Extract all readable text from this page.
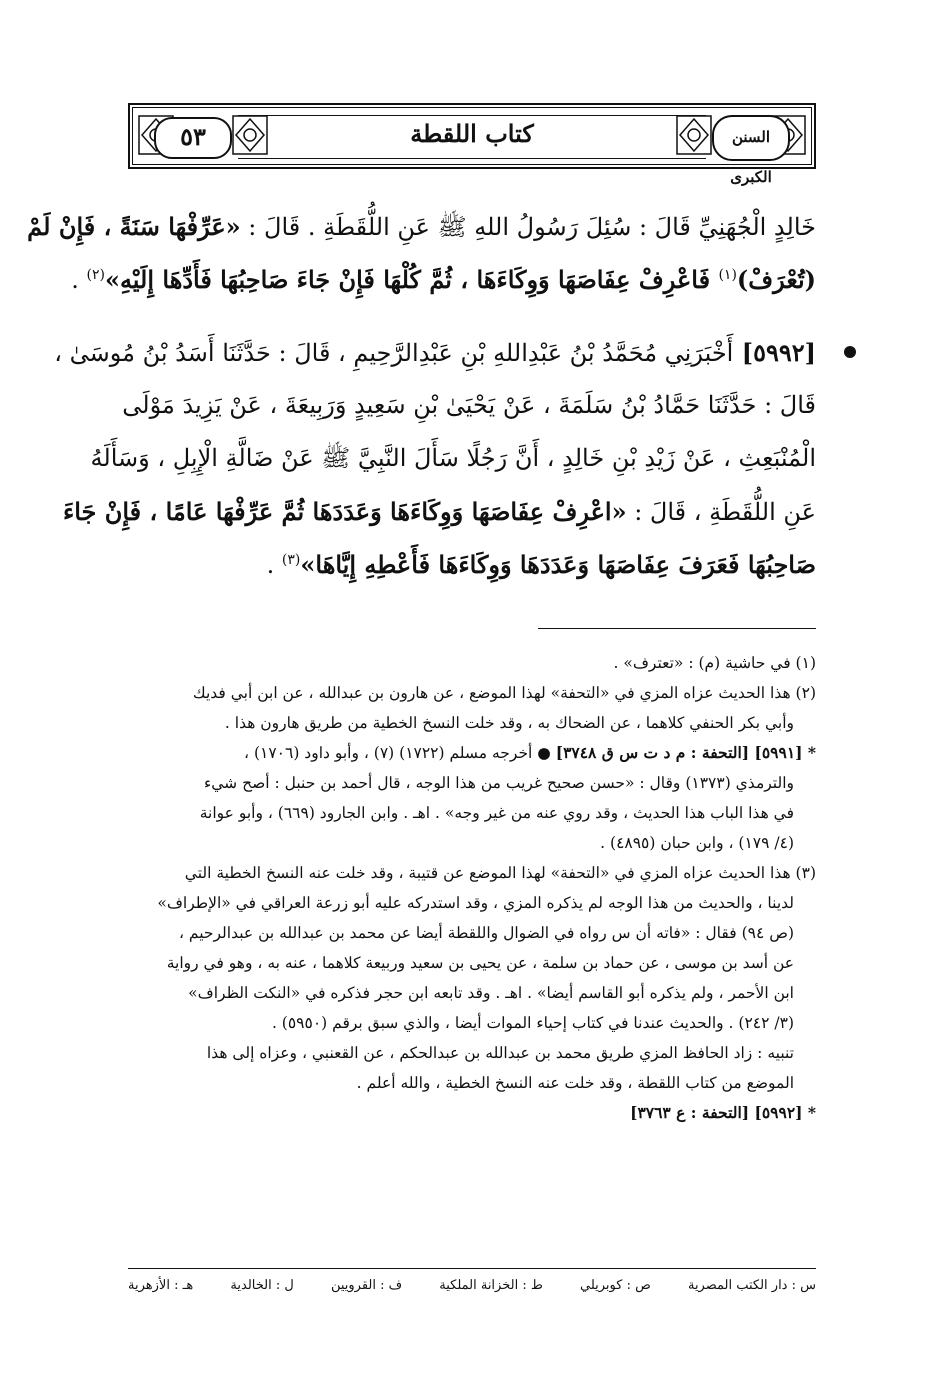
٥٣	كتاب اللقطة	السنن الكبرى
خَالِدٍ الْجُهَنِيِّ قَالَ : سُئِلَ رَسُولُ اللهِ ﷺ عَنِ اللُّقَطَةِ . قَالَ : «عَرِّفْهَا سَنَةً ، فَإِنْ لَمْ
(تُعْرَفْ)$^{(١)}$ فَاعْرِفْ عِفَاصَهَا وَوِكَاءَهَا ، ثُمَّ كُلْهَا فَإِنْ جَاءَ صَاحِبُهَا فَأَدِّهَا إِلَيْهِ»$^{(٢)}$ .
[٥٩٩٢] أَخْبَرَنِي مُحَمَّدُ بْنُ عَبْدِاللهِ بْنِ عَبْدِالرَّحِيمِ ، قَالَ : حَدَّثَنَا أَسَدُ بْنُ مُوسَىٰ ،
قَالَ : حَدَّثَنَا حَمَّادُ بْنُ سَلَمَةَ ، عَنْ يَحْيَىٰ بْنِ سَعِيدٍ وَرَبِيعَةَ ، عَنْ يَزِيدَ مَوْلَى
الْمُنْبَعِثِ ، عَنْ زَيْدِ بْنِ خَالِدٍ ، أَنَّ رَجُلًا سَأَلَ النَّبِيَّ ﷺ عَنْ ضَالَّةِ الْإِبِلِ ، وَسَأَلَهُ
عَنِ اللُّقَطَةِ ، قَالَ : «اعْرِفْ عِفَاصَهَا وَوِكَاءَهَا وَعَدَدَهَا ثُمَّ عَرِّفْهَا عَامًا ، فَإِنْ جَاءَ
صَاحِبُهَا فَعَرَفَ عِفَاصَهَا وَعَدَدَهَا وَوِكَاءَهَا فَأَعْطِهِ إِيَّاهَا»$^{(٣)}$ .
(١) في حاشية (م) : «تعترف» .
(٢) هذا الحديث عزاه المزي في «التحفة» لهذا الموضع ، عن هارون بن عبدالله ، عن ابن أبي فديك
وأبي بكر الحنفي كلاهما ، عن الضحاك به ، وقد خلت النسخ الخطية من طريق هارون هذا .
* [٥٩٩١] [التحفة : م د ت س ق ٣٧٤٨] ● أخرجه مسلم (١٧٢٢) (٧) ، وأبو داود (١٧٠٦) ،
والترمذي (١٣٧٣) وقال : «حسن صحيح غريب من هذا الوجه ، قال أحمد بن حنبل : أصح شيء
في هذا الباب هذا الحديث ، وقد روي عنه من غير وجه» . اهـ . وابن الجارود (٦٦٩) ، وأبو عوانة
(٤/ ١٧٩) ، وابن حبان (٤٨٩٥) .
(٣) هذا الحديث عزاه المزي في «التحفة» لهذا الموضع عن قتيبة ، وقد خلت عنه النسخ الخطية التي
لدينا ، والحديث من هذا الوجه لم يذكره المزي ، وقد استدركه عليه أبو زرعة العراقي في «الإطراف»
(ص ٩٤) فقال : «فاته أن س رواه في الضوال واللقطة أيضا عن محمد بن عبدالله بن عبدالرحيم ،
عن أسد بن موسى ، عن حماد بن سلمة ، عن يحيى بن سعيد وربيعة كلاهما ، عنه به ، وهو في رواية
ابن الأحمر ، ولم يذكره أبو القاسم أيضا» . اهـ . وقد تابعه ابن حجر فذكره في «النكت الظراف»
(٣/ ٢٤٢) . والحديث عندنا في كتاب إحياء الموات أيضا ، والذي سبق برقم (٥٩٥٠) .
تنبيه : زاد الحافظ المزي طريق محمد بن عبدالله بن عبدالحكم ، عن القعنبي ، وعزاه إلى هذا
الموضع من كتاب اللقطة ، وقد خلت عنه النسخ الخطية ، والله أعلم .
* [٥٩٩٢] [التحفة : ع ٣٧٦٣]
س : دار الكتب المصرية
ص : كوبريلي
ط : الخزانة الملكية
ف : القرويين
ل : الخالدية
هـ : الأزهرية
